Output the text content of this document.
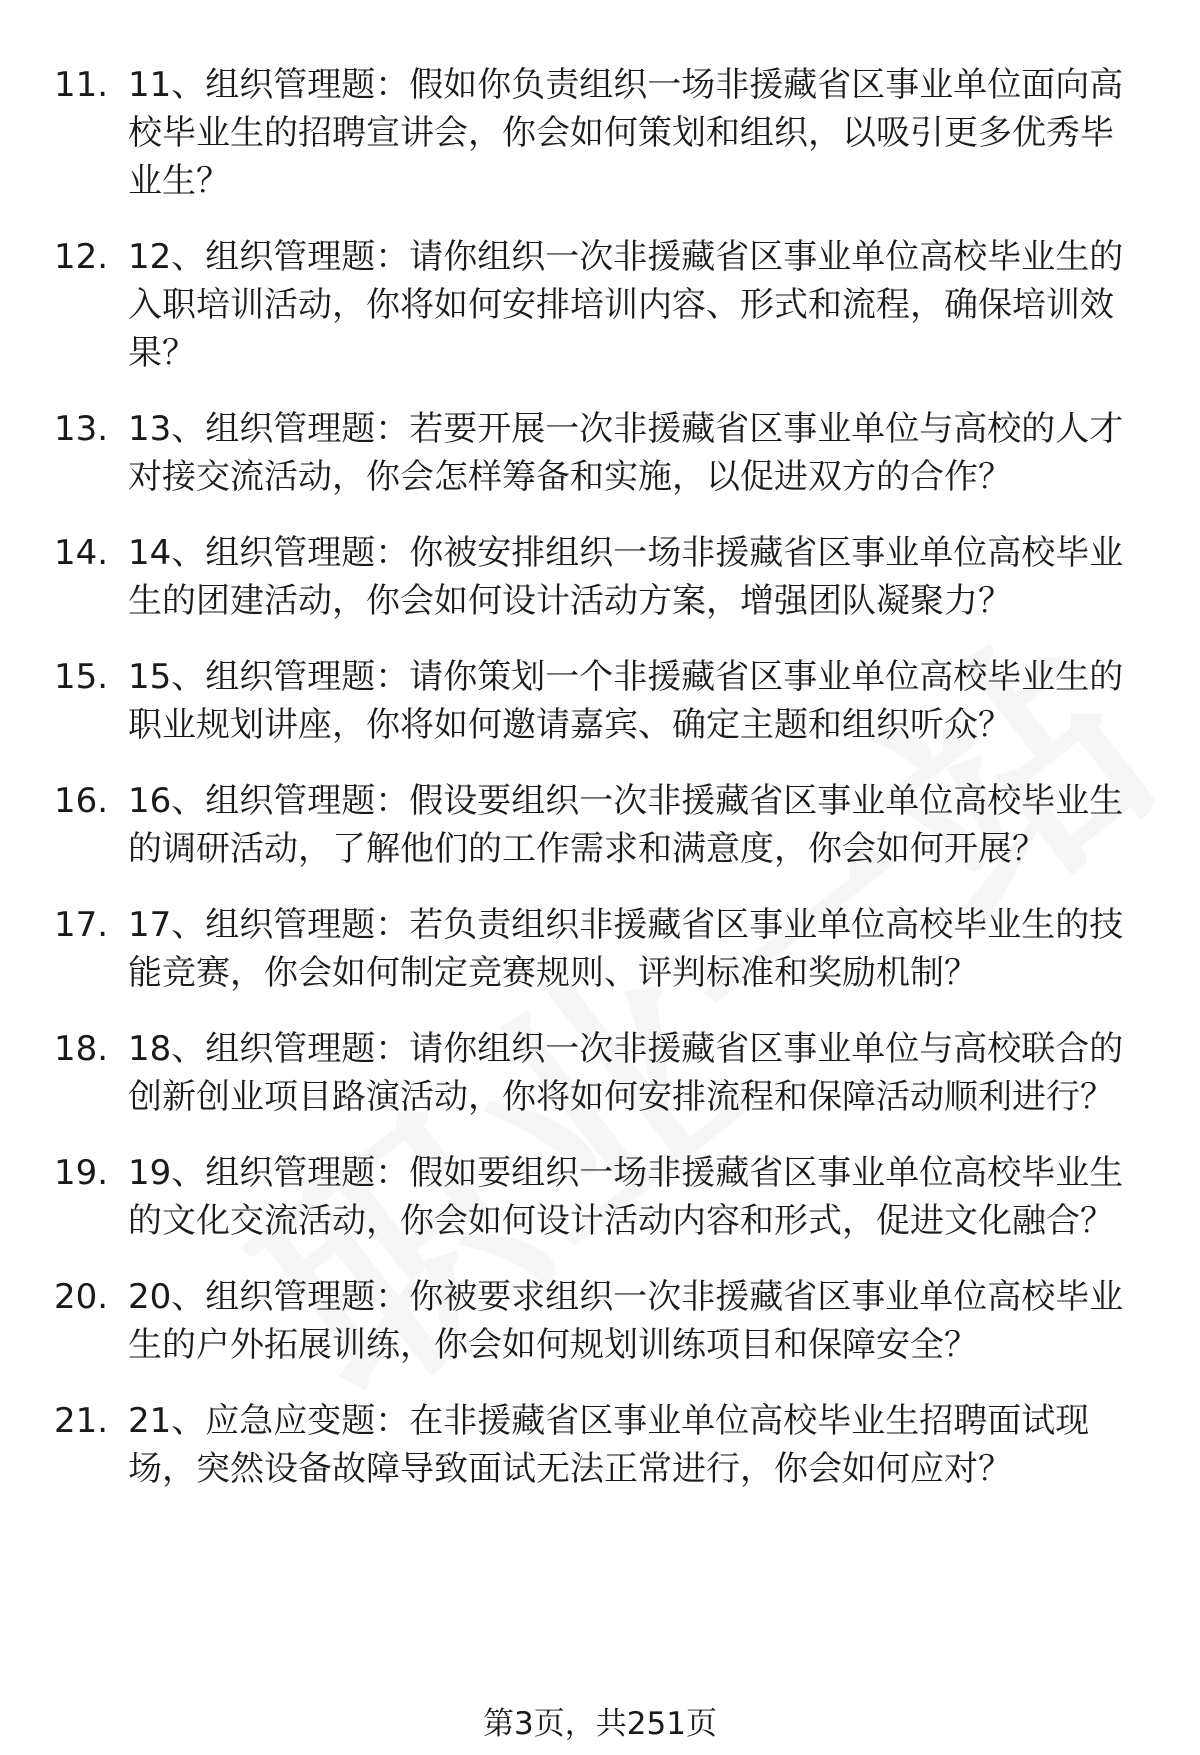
11. 11、组织管理题：假如你负责组织一场非援藏省区事业单位面向高校毕业生的招聘宣讲会，你会如何策划和组织，以吸引更多优秀毕业生？
12. 12、组织管理题：请你组织一次非援藏省区事业单位高校毕业生的入职培训活动，你将如何安排培训内容、形式和流程，确保培训效果？
13. 13、组织管理题：若要开展一次非援藏省区事业单位与高校的人才对接交流活动，你会怎样筹备和实施，以促进双方的合作？
14. 14、组织管理题：你被安排组织一场非援藏省区事业单位高校毕业生的团建活动，你会如何设计活动方案，增强团队凝聚力？
15. 15、组织管理题：请你策划一个非援藏省区事业单位高校毕业生的职业规划讲座，你将如何邀请嘉宾、确定主题和组织听众？
16. 16、组织管理题：假设要组织一次非援藏省区事业单位高校毕业生的调研活动，了解他们的工作需求和满意度，你会如何开展？
17. 17、组织管理题：若负责组织非援藏省区事业单位高校毕业生的技能竞赛，你会如何制定竞赛规则、评判标准和奖励机制？
18. 18、组织管理题：请你组织一次非援藏省区事业单位与高校联合的创新创业项目路演活动，你将如何安排流程和保障活动顺利进行？
19. 19、组织管理题：假如要组织一场非援藏省区事业单位高校毕业生的文化交流活动，你会如何设计活动内容和形式，促进文化融合？
20. 20、组织管理题：你被要求组织一次非援藏省区事业单位高校毕业生的户外拓展训练，你会如何规划训练项目和保障安全？
21. 21、应急应变题：在非援藏省区事业单位高校毕业生招聘面试现场，突然设备故障导致面试无法正常进行，你会如何应对？
第3页，共251页
